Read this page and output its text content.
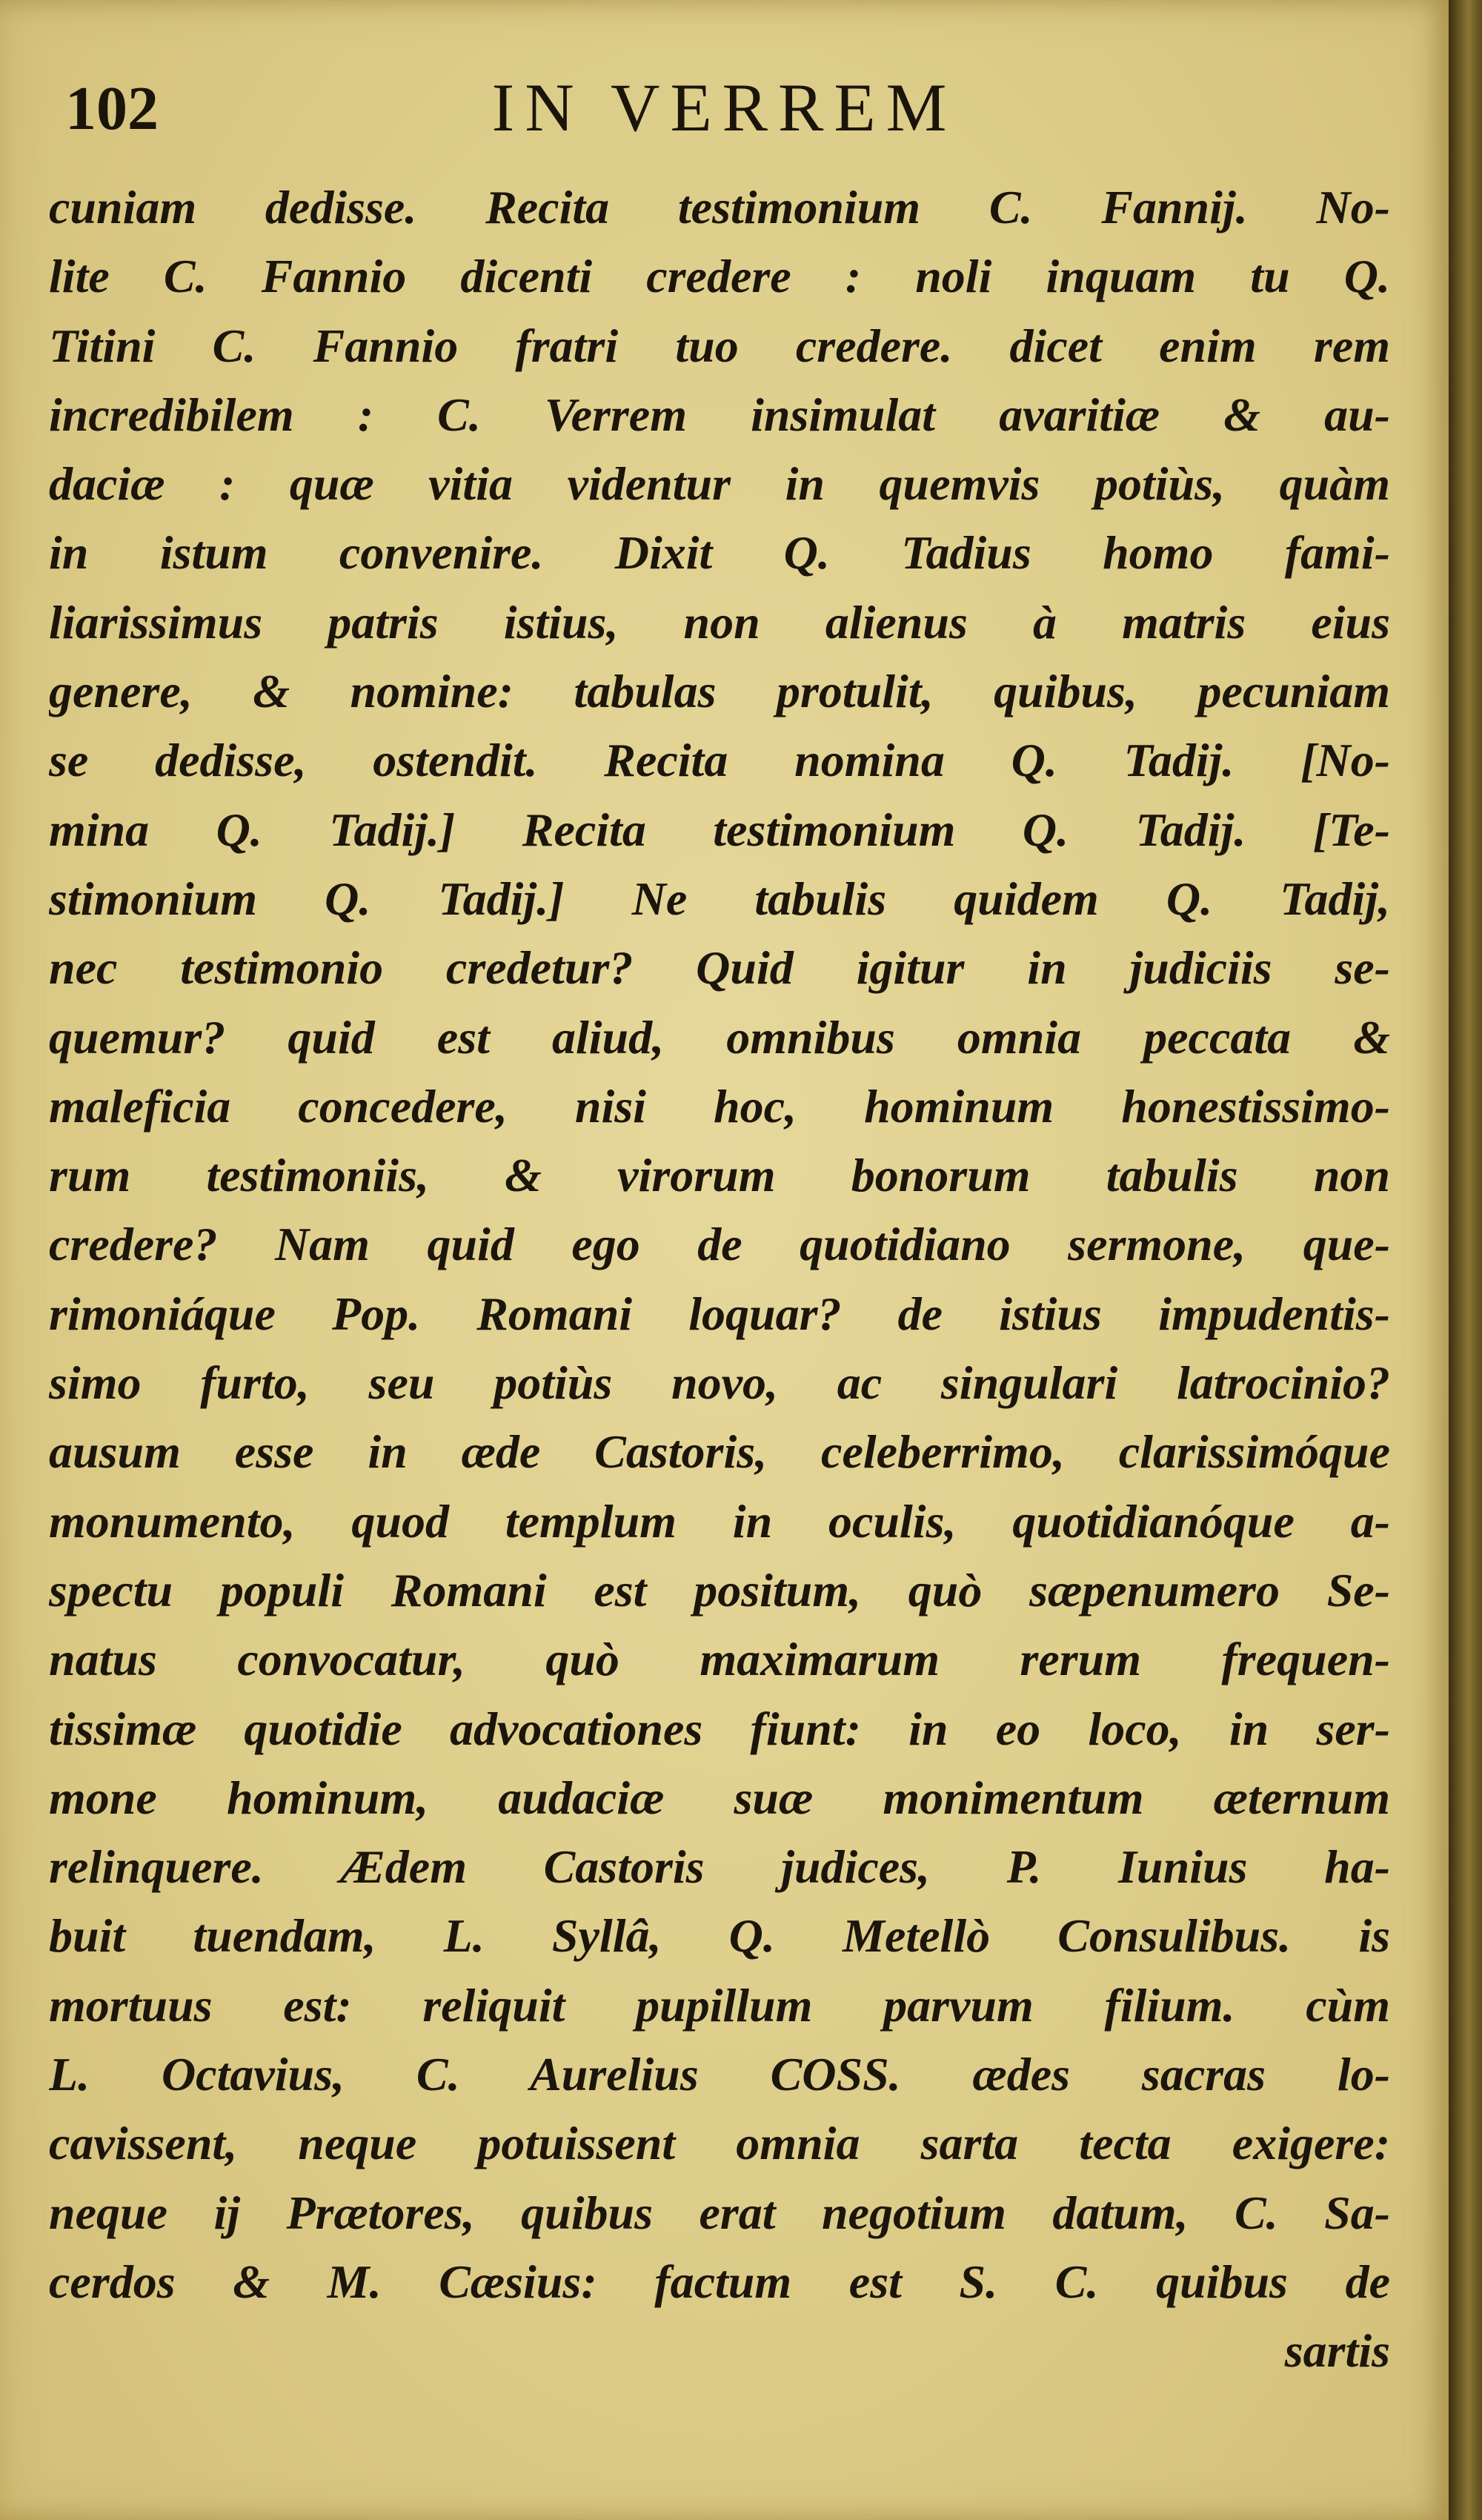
102	IN VERREM
cuniam dedisse. Recita testimonium C. Fannij. No-
lite C. Fannio dicenti credere : noli inquam tu Q.
Titini C. Fannio fratri tuo credere. dicet enim rem
incredibilem : C. Verrem insimulat avaritiæ & au-
daciæ : quæ vitia videntur in quemvis potiùs, quàm
in istum convenire. Dixit Q. Tadius homo fami-
liarissimus patris istius, non alienus à matris eius
genere, & nomine: tabulas protulit, quibus, pecuniam
se dedisse, ostendit. Recita nomina Q. Tadij. [No-
mina Q. Tadij.] Recita testimonium Q. Tadij. [Te-
stimonium Q. Tadij.] Ne tabulis quidem Q. Tadij,
nec testimonio credetur? Quid igitur in judiciis se-
quemur? quid est aliud, omnibus omnia peccata &
maleficia concedere, nisi hoc, hominum honestissimo-
rum testimoniis, & virorum bonorum tabulis non
credere? Nam quid ego de quotidiano sermone, que-
rimoniáque Pop. Romani loquar? de istius impudentis-
simo furto, seu potiùs novo, ac singulari latrocinio?
ausum esse in æde Castoris, celeberrimo, clarissimóque
monumento, quod templum in oculis, quotidianóque a-
spectu populi Romani est positum, quò sæpenumero Se-
natus convocatur, quò maximarum rerum frequen-
tissimæ quotidie advocationes fiunt: in eo loco, in ser-
mone hominum, audaciæ suæ monimentum æternum
relinquere. Ædem Castoris judices, P. Iunius ha-
buit tuendam, L. Syllâ, Q. Metellò Consulibus. is
mortuus est: reliquit pupillum parvum filium. cùm
L. Octavius, C. Aurelius COSS. ædes sacras lo-
cavissent, neque potuissent omnia sarta tecta exigere:
neque ij Prætores, quibus erat negotium datum, C. Sa-
cerdos & M. Cæsius: factum est S. C. quibus de
sartis
